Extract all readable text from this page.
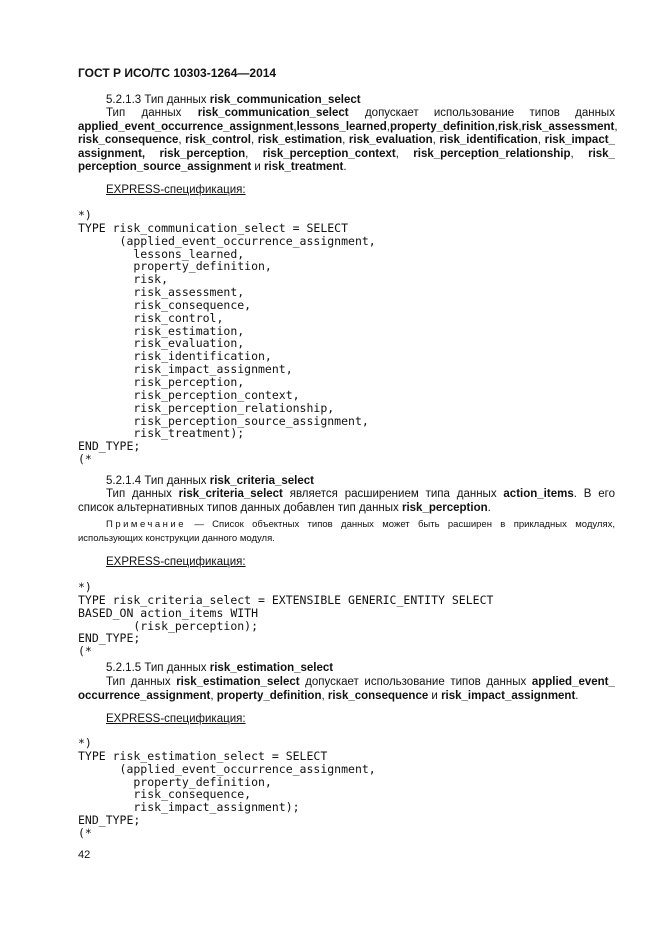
ГОСТ Р ИСО/ТС 10303-1264—2014
5.2.1.3 Тип данных risk_communication_select
Тип данных risk_communication_select допускает использование типов данных
applied_event_occurrence_assignment, lessons_learned, property_definition, risk, risk_assessment,
risk_consequence, risk_control, risk_estimation, risk_evaluation, risk_identification, risk_impact_
assignment, risk_perception, risk_perception_context, risk_perception_relationship, risk_
perception_source_assignment и risk_treatment.
EXPRESS-спецификация:
*)
TYPE risk_communication_select = SELECT
(applied_event_occurrence_assignment,
lessons_learned,
property_definition,
risk,
risk_assessment,
risk_consequence,
risk_control,
risk_estimation,
risk_evaluation,
risk_identification,
risk_impact_assignment,
risk_perception,
risk_perception_context,
risk_perception_relationship,
risk_perception_source_assignment,
risk_treatment);
END_TYPE;
(*
5.2.1.4 Тип данных risk_criteria_select
Тип данных risk_criteria_select является расширением типа данных action_items. В его список альтернативных типов данных добавлен тип данных risk_perception.
Примечание — Список объектных типов данных может быть расширен в прикладных модулях, использующих конструкции данного модуля.
EXPRESS-спецификация:
*)
TYPE risk_criteria_select = EXTENSIBLE GENERIC_ENTITY SELECT
BASED_ON action_items WITH
(risk_perception);
END_TYPE;
(*
5.2.1.5 Тип данных risk_estimation_select
Тип данных risk_estimation_select допускает использование типов данных applied_event_
occurrence_assignment, property_definition, risk_consequence и risk_impact_assignment.
EXPRESS-спецификация:
*)
TYPE risk_estimation_select = SELECT
(applied_event_occurrence_assignment,
property_definition,
risk_consequence,
risk_impact_assignment);
END_TYPE;
(*
42
